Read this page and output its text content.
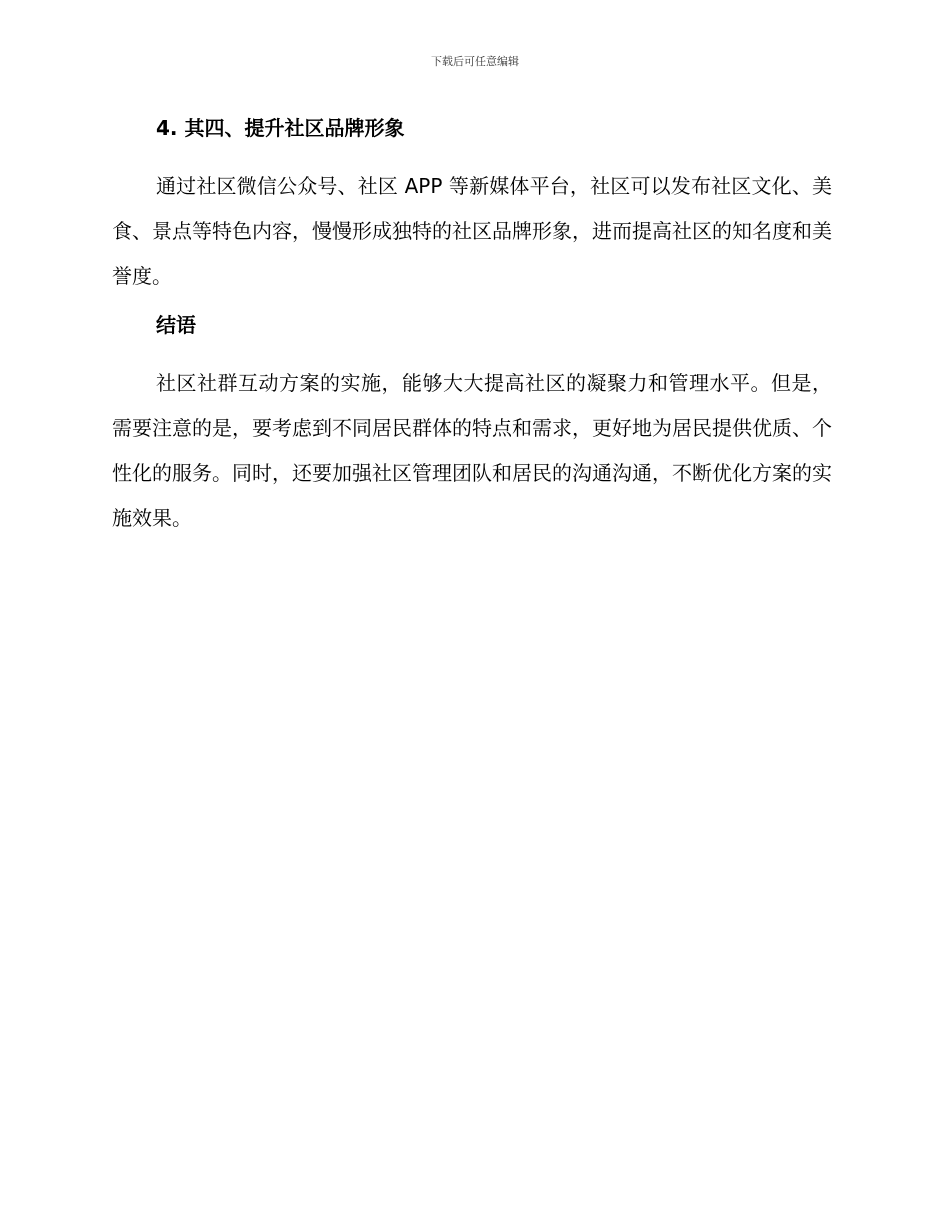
下载后可任意编辑
4. 其四、提升社区品牌形象

通过社区微信公众号、社区 APP 等新媒体平台，社区可以发布社区文化、美食、景点等特色内容，慢慢形成独特的社区品牌形象，进而提高社区的知名度和美誉度。

结语

社区社群互动方案的实施，能够大大提高社区的凝聚力和管理水平。但是，需要注意的是，要考虑到不同居民群体的特点和需求，更好地为居民提供优质、个性化的服务。同时，还要加强社区管理团队和居民的沟通沟通，不断优化方案的实施效果。
